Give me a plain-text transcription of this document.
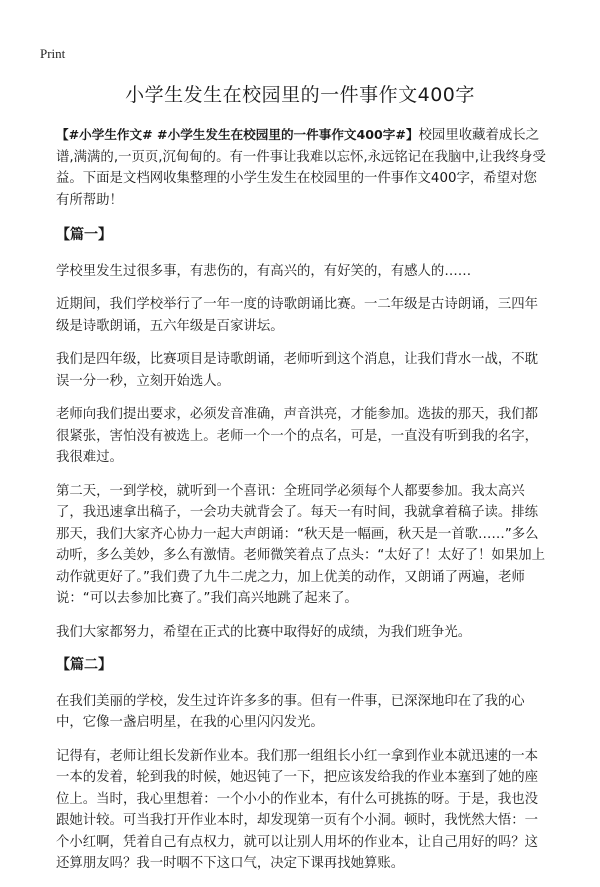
Print
小学生发生在校园里的一件事作文400字

【#小学生作文# #小学生发生在校园里的一件事作文400字#】校园里收藏着成长之谱,满满的,一页页,沉甸甸的。有一件事让我难以忘怀,永远铭记在我脑中,让我终身受益。下面是文档网收集整理的小学生发生在校园里的一件事作文400字，希望对您有所帮助！

【篇一】

学校里发生过很多事，有悲伤的，有高兴的，有好笑的，有感人的……

近期间，我们学校举行了一年一度的诗歌朗诵比赛。一二年级是古诗朗诵，三四年级是诗歌朗诵，五六年级是百家讲坛。

我们是四年级，比赛项目是诗歌朗诵，老师听到这个消息，让我们背水一战，不耽误一分一秒，立刻开始选人。

老师向我们提出要求，必须发音准确，声音洪亮，才能参加。选拔的那天，我们都很紧张，害怕没有被选上。老师一个一个的点名，可是，一直没有听到我的名字，我很难过。

第二天，一到学校，就听到一个喜讯：全班同学必须每个人都要参加。我太高兴了，我迅速拿出稿子，一会功夫就背会了。每天一有时间，我就拿着稿子读。排练那天，我们大家齐心协力一起大声朗诵：“秋天是一幅画，秋天是一首歌……”多么动听，多么美妙，多么有激情。老师微笑着点了点头：“太好了！太好了！如果加上动作就更好了。”我们费了九牛二虎之力，加上优美的动作，又朗诵了两遍，老师说：“可以去参加比赛了。”我们高兴地跳了起来了。

我们大家都努力，希望在正式的比赛中取得好的成绩，为我们班争光。

【篇二】

在我们美丽的学校，发生过许许多多的事。但有一件事，已深深地印在了我的心中，它像一盏启明星，在我的心里闪闪发光。

记得有，老师让组长发新作业本。我们那一组组长小红一拿到作业本就迅速的一本一本的发着，轮到我的时候，她迟钝了一下，把应该发给我的作业本塞到了她的座位上。当时，我心里想着：一个小小的作业本，有什么可挑拣的呀。于是，我也没跟她计较。可当我打开作业本时，却发现第一页有个小洞。顿时，我恍然大悟：一个小红啊，凭着自己有点权力，就可以让别人用坏的作业本，让自己用好的吗？这还算朋友吗？我一时咽不下这口气，决定下课再找她算账。
